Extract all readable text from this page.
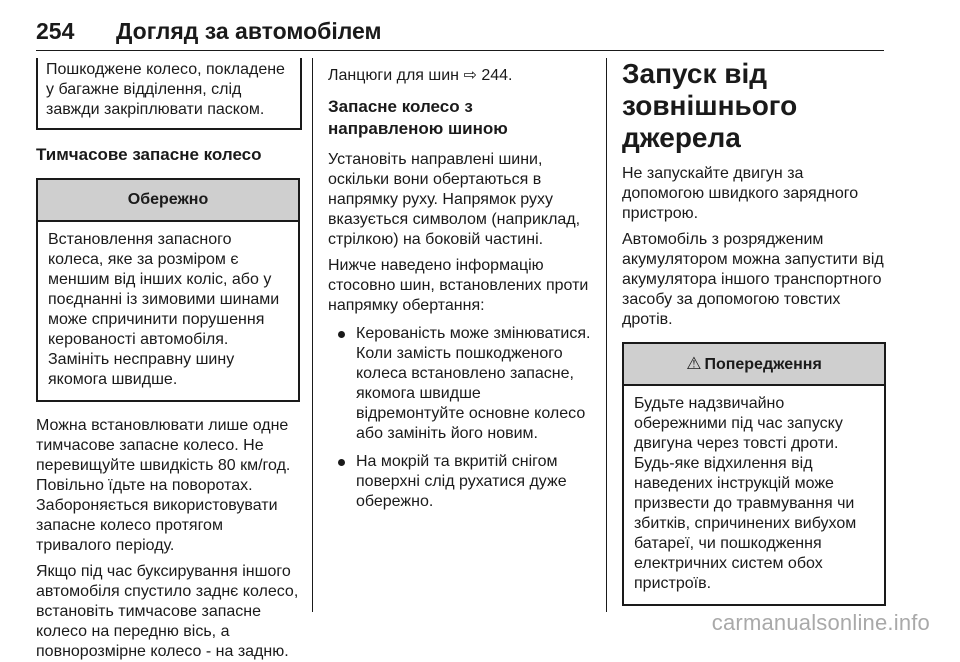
254 Догляд за автомобілем

Пошкоджене колесо, покладене у багажне відділення, слід завжди закріплювати паском.

Тимчасове запасне колесо
Обережно

Встановлення запасного колеса, яке за розміром є меншим від інших коліс, або у поєднанні із зимовими шинами може спричинити порушення керованості автомобіля. Замініть несправну шину якомога швидше.

Можна встановлювати лише одне тимчасове запасне колесо. Не перевищуйте швидкість 80 км/год. Повільно їдьте на поворотах. Забороняється використовувати запасне колесо протягом тривалого періоду.

Якщо під час буксирування іншого автомобіля спустило заднє колесо, встановіть тимчасове запасне колесо на передню вісь, а повнорозмірне колесо - на задню.

Ланцюги для шин ⇨ 244.

Запасне колесо з направленою шиною

Установіть направлені шини, оскільки вони обертаються в напрямку руху. Напрямок руху вказується символом (наприклад, стрілкою) на боковій частині.

Нижче наведено інформацію стосовно шин, встановлених проти напрямку обертання:

Керованість може змінюватися. Коли замість пошкодженого колеса встановлено запасне, якомога швидше відремонтуйте основне колесо або замініть його новим.
На мокрій та вкритій снігом поверхні слід рухатися дуже обережно.
Запуск від зовнішнього джерела

Не запускайте двигун за допомогою швидкого зарядного пристрою.

Автомобіль з розрядженим акумулятором можна запустити від акумулятора іншого транспортного засобу за допомогою товстих дротів.

⚠ Попередження

Будьте надзвичайно обережними під час запуску двигуна через товсті дроти. Будь-яке відхилення від наведених інструкцій може призвести до травмування чи збитків, спричинених вибухом батареї, чи пошкодження електричних систем обох пристроїв.

carmanualsonline.info
